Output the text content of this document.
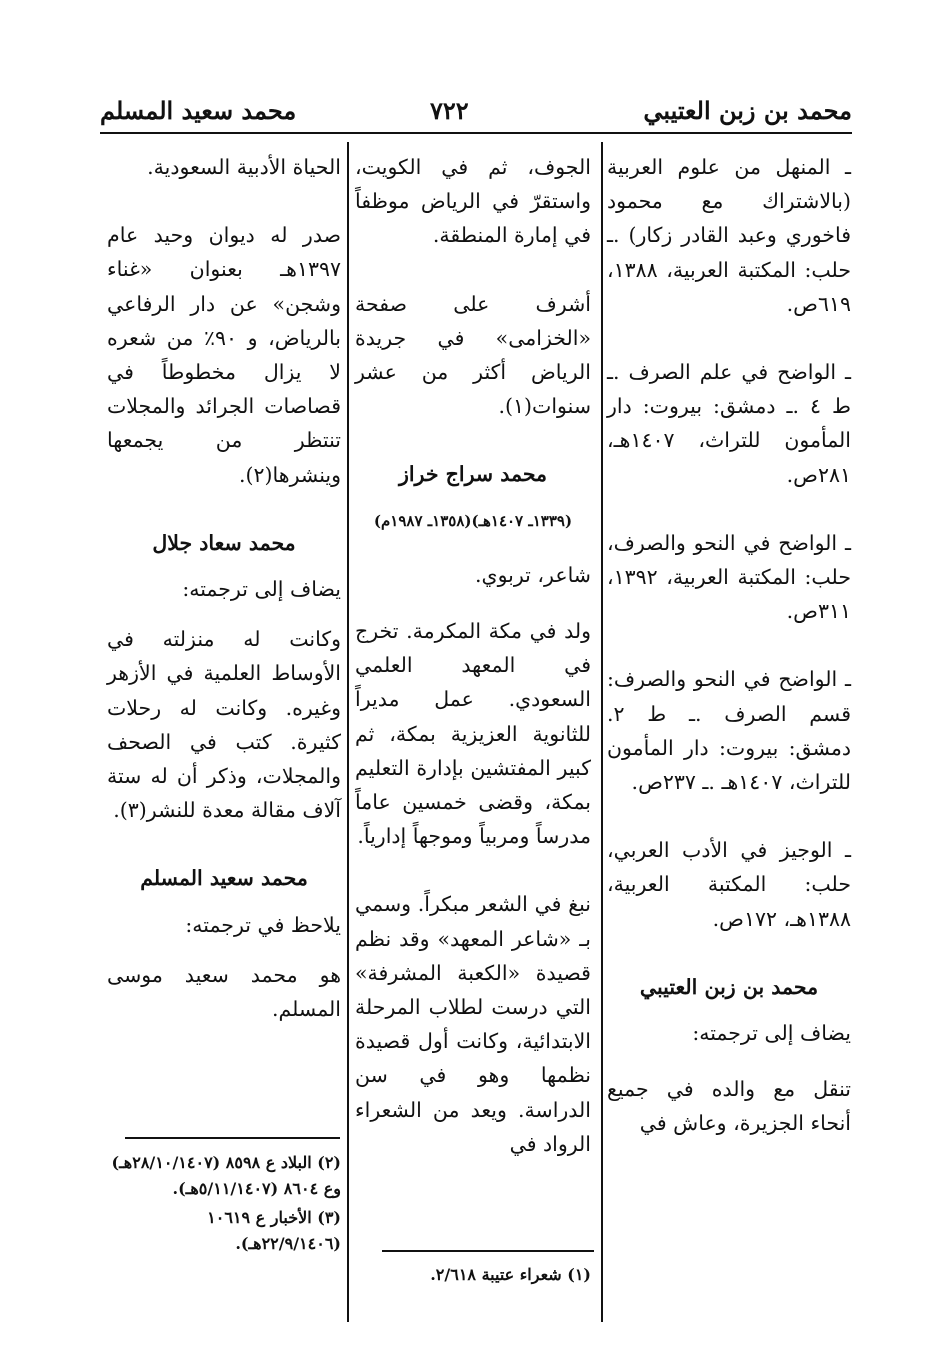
محمد بن زبن العتيبي
٧٢٢
محمد سعيد المسلم

ـ المنهل من علوم العربية (بالاشتراك مع محمود فاخوري وعبد القادر زكار) .ـ حلب: المكتبة العربية، ١٣٨٨، ٦١٩ص.

ـ الواضح في علم الصرف .ـ ط ٤ .ـ دمشق: بيروت: دار المأمون للتراث، ١٤٠٧هـ، ٢٨١ص.

ـ الواضح في النحو والصرف، حلب: المكتبة العربية، ١٣٩٢، ٣١١ص.

ـ الواضح في النحو والصرف: قسم الصرف .ـ ط ٢. دمشق: بيروت: دار المأمون للتراث، ١٤٠٧هـ .ـ ٢٣٧ص.

ـ الوجيز في الأدب العربي، حلب: المكتبة العربية، ١٣٨٨هـ، ١٧٢ص.

محمد بن زبن العتيبي

يضاف إلى ترجمته:

تنقل مع والده في جميع أنحاء الجزيرة، وعاش في

الجوف، ثم في الكويت، واستقرّ في الرياض موظفاً في إمارة المنطقة.

أشرف على صفحة «الخزامى» في جريدة الرياض أكثر من عشر سنوات(١).

محمد سراج خراز
(١٣٣٩ـ ١٤٠٧هـ)(١٣٥٨ـ ١٩٨٧م)

شاعر، تربوي.

ولد في مكة المكرمة. تخرج في المعهد العلمي السعودي. عمل مديراً للثانوية العزيزية بمكة، ثم كبير المفتشين بإدارة التعليم بمكة، وقضى خمسين عاماً مدرساً ومربياً وموجهاً إدارياً.

نبغ في الشعر مبكراً. وسمي بـ «شاعر المعهد» وقد نظم قصيدة «الكعبة المشرفة» التي درست لطلاب المرحلة الابتدائية، وكانت أول قصيدة نظمها وهو في سن الدراسة. ويعد من الشعراء الرواد في

الحياة الأدبية السعودية.

صدر له ديوان وحيد عام ١٣٩٧هـ بعنوان «غناء وشجن» عن دار الرفاعي بالرياض، و ٩٠٪ من شعره لا يزال مخطوطاً في قصاصات الجرائد والمجلات تنتظر من يجمعها وينشرها(٢).

محمد سعاد جلال

يضاف إلى ترجمته:

وكانت له منزلته في الأوساط العلمية في الأزهر وغيره. وكانت له رحلات كثيرة. كتب في الصحف والمجلات، وذكر أن له ستة آلاف مقالة معدة للنشر(٣).

محمد سعيد المسلم

يلاحظ في ترجمته:

هو محمد سعيد موسى المسلم.

(١) شعراء عتيبة ٢/٦١٨.
(٢) البلاد ع ٨٥٩٨ (٢٨/١٠/١٤٠٧هـ) وع ٨٦٠٤ (٥/١١/١٤٠٧هـ).
(٣) الأخبار ع ١٠٦١٩ (٢٢/٩/١٤٠٦هـ).
